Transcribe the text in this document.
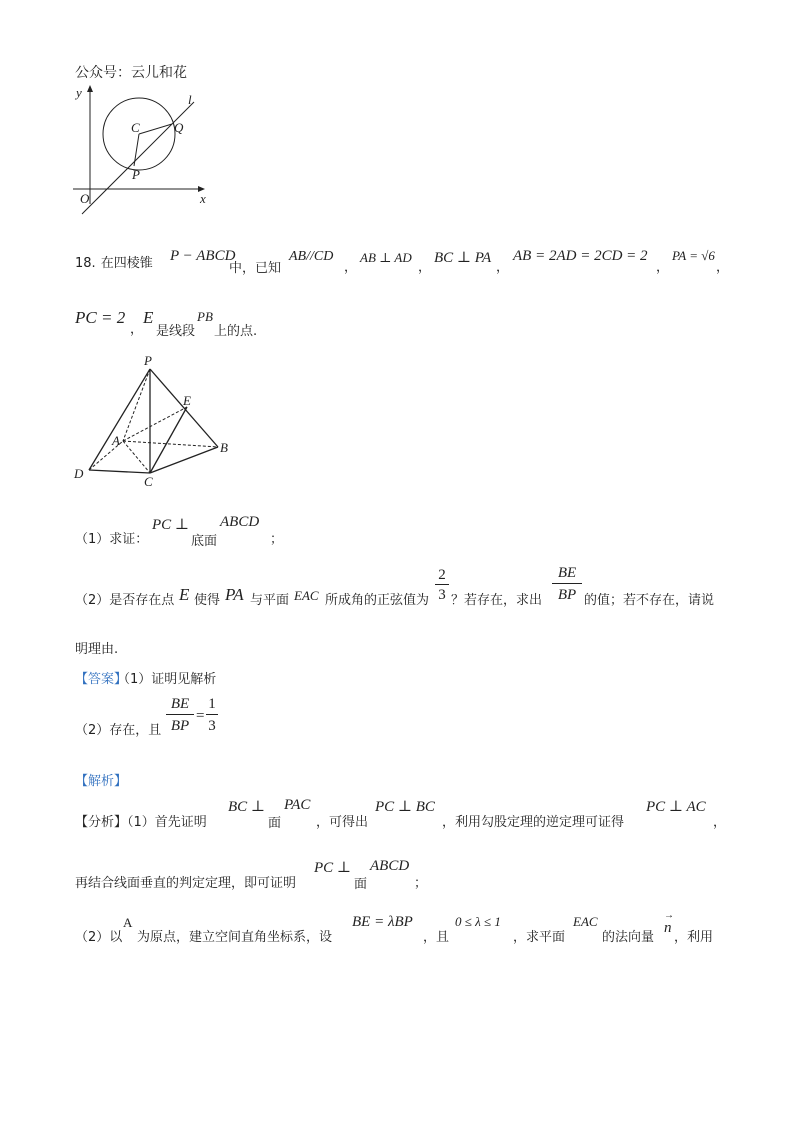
公众号：云儿和花
y
x
O
C	Q
P
l
18. 在四棱锥 P − ABCD
中，已知
AB//CD
，
AB ⊥ AD
，
BC ⊥ PA
，
AB = 2AD = 2CD = 2
，
PA = √6
，
PC = 2
，
E
是线段
PB
上的点.
P
E
A	B
D
C
（1）求证：
PC ⊥
底面
ABCD
；
（2）是否存在点 E 使得 PA 与平面 EAC 所成角的正弦值为 $\frac{2}{3}$ ？若存在，求出 $\frac{BE}{BP}$ 的值；若不存在，请说
明理由.
【答案】
（1）证明见解析
（2）存在，且 $\frac{BE}{BP} = \frac{1}{3}$
【解析】
【分析】（1）首先证明
BC ⊥
面
PAC
，可得出
PC ⊥ BC
，利用勾股定理的逆定理可证得
PC ⊥ AC
，
再结合线面垂直的判定定理，即可证明
PC ⊥
面
ABCD
；
（2）以
A
为原点，建立空间直角坐标系，设
BE = λBP
，且
0 ≤ λ ≤ 1
，求平面
EAC
的法向量
→
n
，利用
